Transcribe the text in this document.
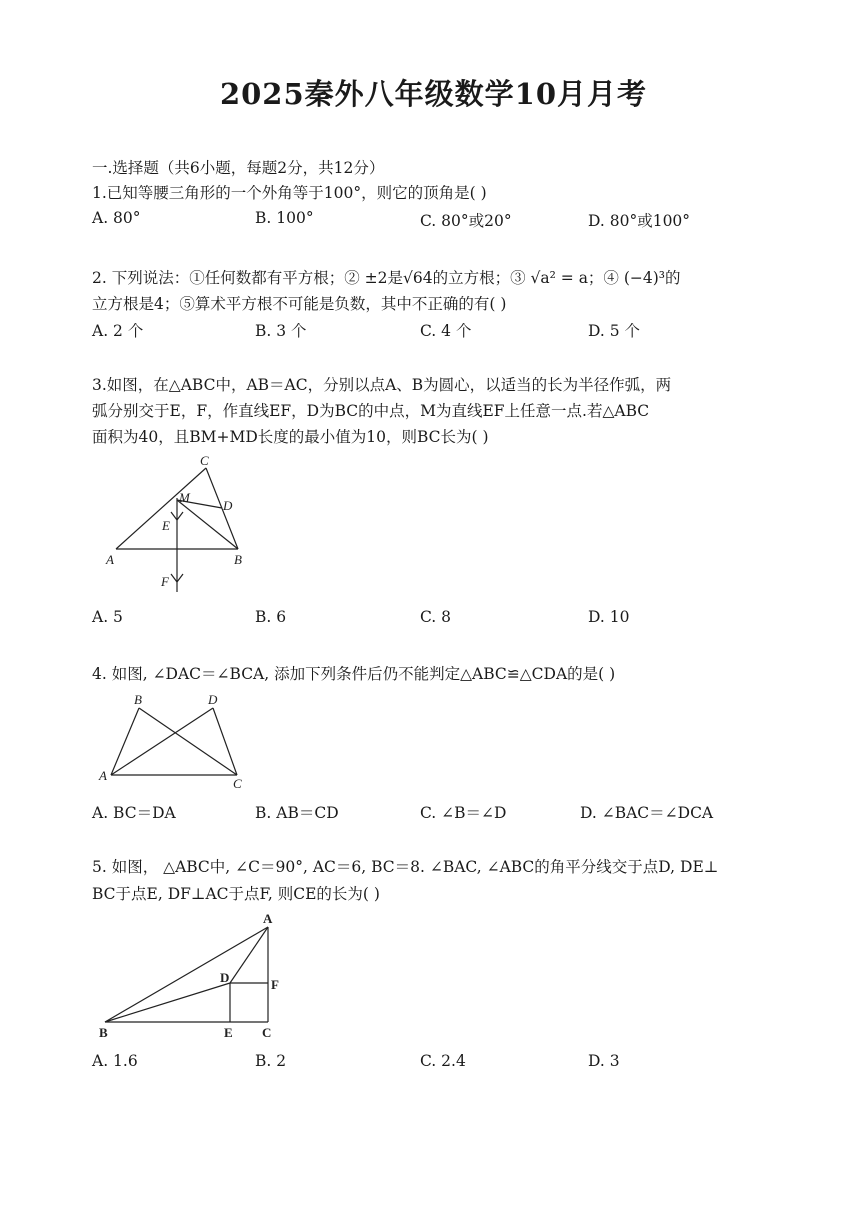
2025秦外八年级数学10月月考
一.选择题（共6小题，每题2分，共12分）
1.已知等腰三角形的一个外角等于100°，则它的顶角是( )
A. 80°	B. 100°	C. 80°或20°	D. 80°或100°
2. 下列说法：①任何数都有平方根；② ±2是√64的立方根；③ √a² = a；④ (−4)³的
立方根是4；⑤算术平方根不可能是负数，其中不正确的有( )
A. 2 个	B. 3 个	C. 4 个	D. 5 个
3.如图，在△ABC中，AB＝AC，分别以点A、B为圆心，以适当的长为半径作弧，两
弧分别交于E，F，作直线EF，D为BC的中点，M为直线EF上任意一点.若△ABC
面积为40，且BM+MD长度的最小值为10，则BC长为( )
C
M
D
E
A	B
F
A. 5	B. 6	C. 8	D. 10
4. 如图, ∠DAC＝∠BCA, 添加下列条件后仍不能判定△ABC≌△CDA的是( )
B	D
A
C
A. BC＝DA	B. AB＝CD	C. ∠B＝∠D	D. ∠BAC＝∠DCA
5. 如图， △ABC中, ∠C＝90°, AC＝6, BC＝8. ∠BAC, ∠ABC的角平分线交于点D, DE⊥
BC于点E, DF⊥AC于点F, 则CE的长为( )
A
D	F
B	E C
A. 1.6	B. 2	C. 2.4	D. 3
